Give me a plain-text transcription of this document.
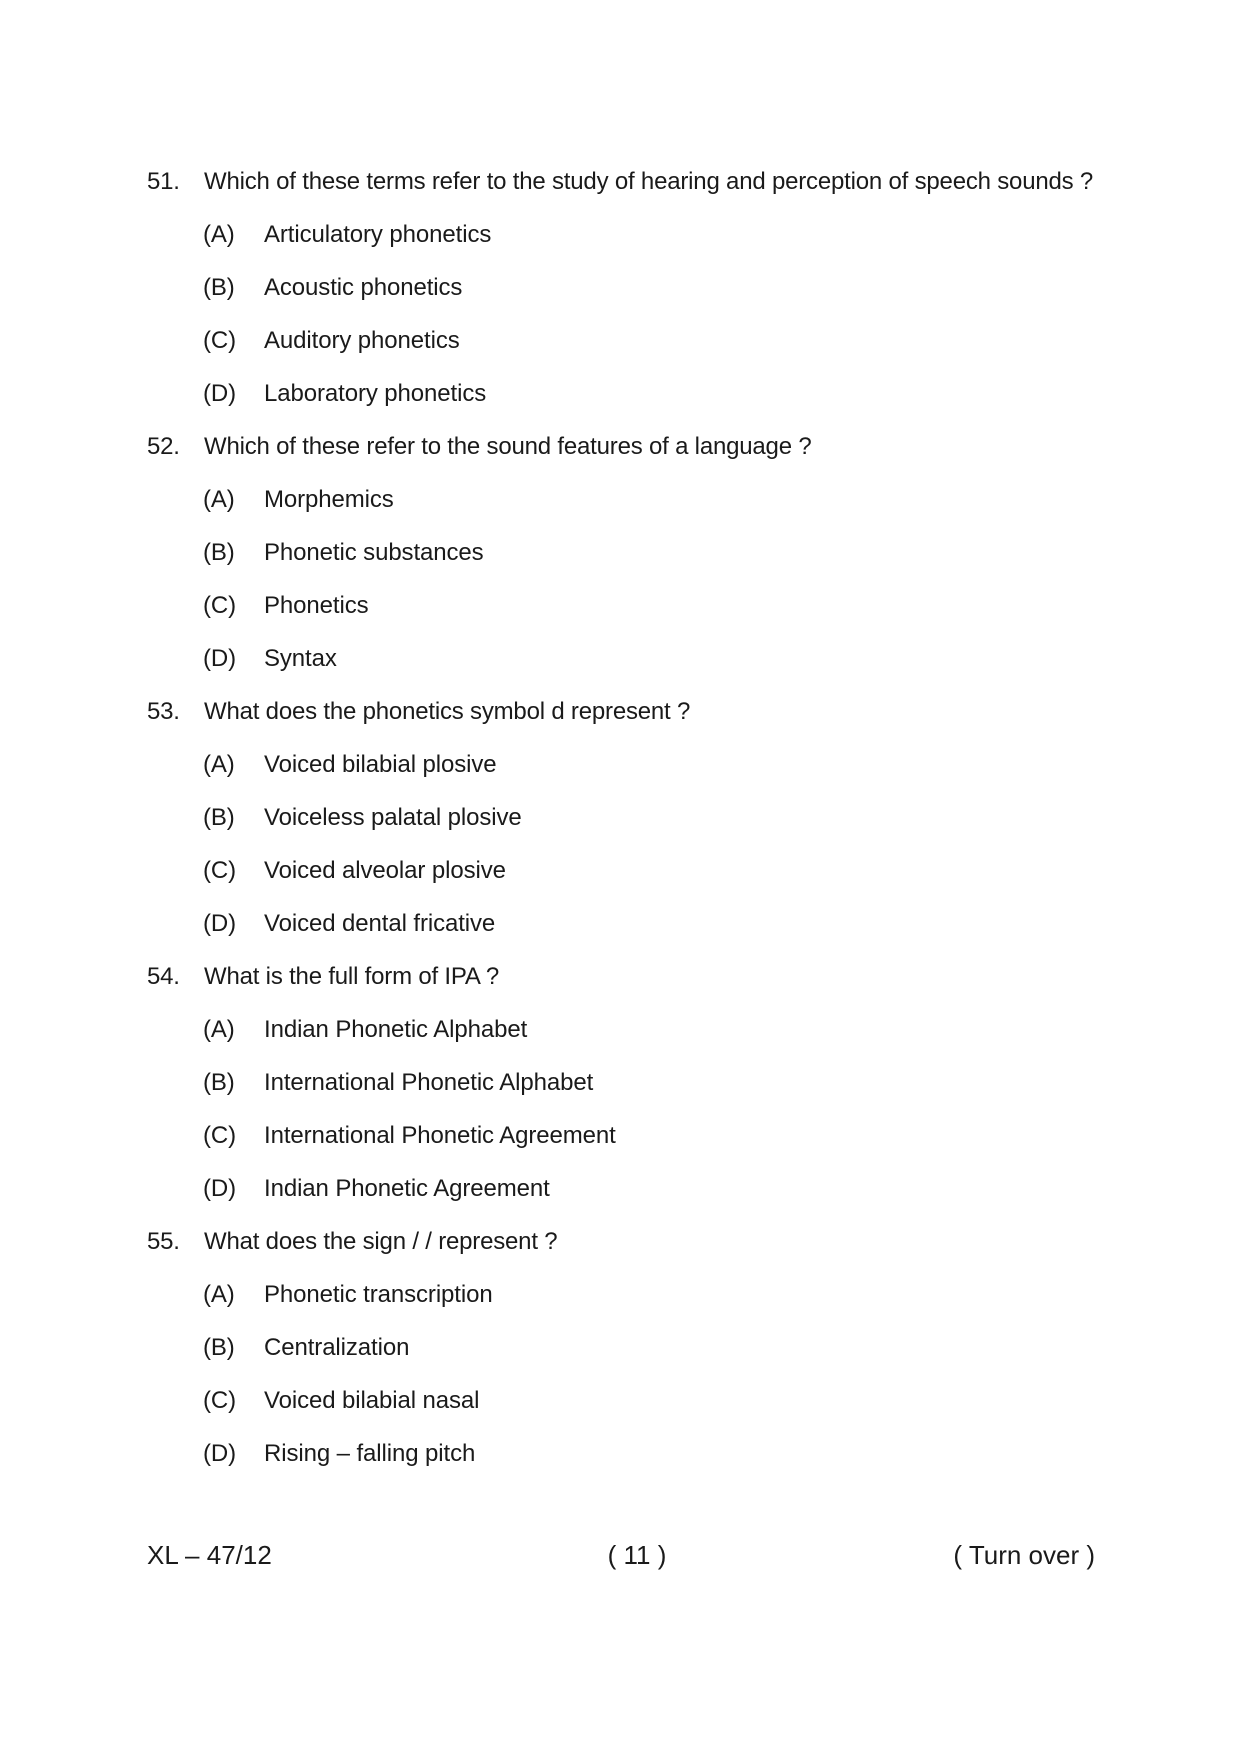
51.	Which of these terms refer to the study of hearing and perception of speech sounds ?
(A)	Articulatory phonetics
(B)	Acoustic phonetics
(C)	Auditory phonetics
(D)	Laboratory phonetics
52.	Which of these refer to the sound features of a language ?
(A)	Morphemics
(B)	Phonetic substances
(C)	Phonetics
(D)	Syntax
53.	What does the phonetics symbol d represent ?
(A)	Voiced bilabial plosive
(B)	Voiceless palatal plosive
(C)	Voiced alveolar plosive
(D)	Voiced dental fricative
54.	What is the full form of IPA ?
(A)	Indian Phonetic Alphabet
(B)	International Phonetic Alphabet
(C)	International Phonetic Agreement
(D)	Indian Phonetic Agreement
55.	What does the sign / / represent ?
(A)	Phonetic transcription
(B)	Centralization
(C)	Voiced bilabial nasal
(D)	Rising – falling pitch
XL – 47/12	( 11 )	( Turn over )
